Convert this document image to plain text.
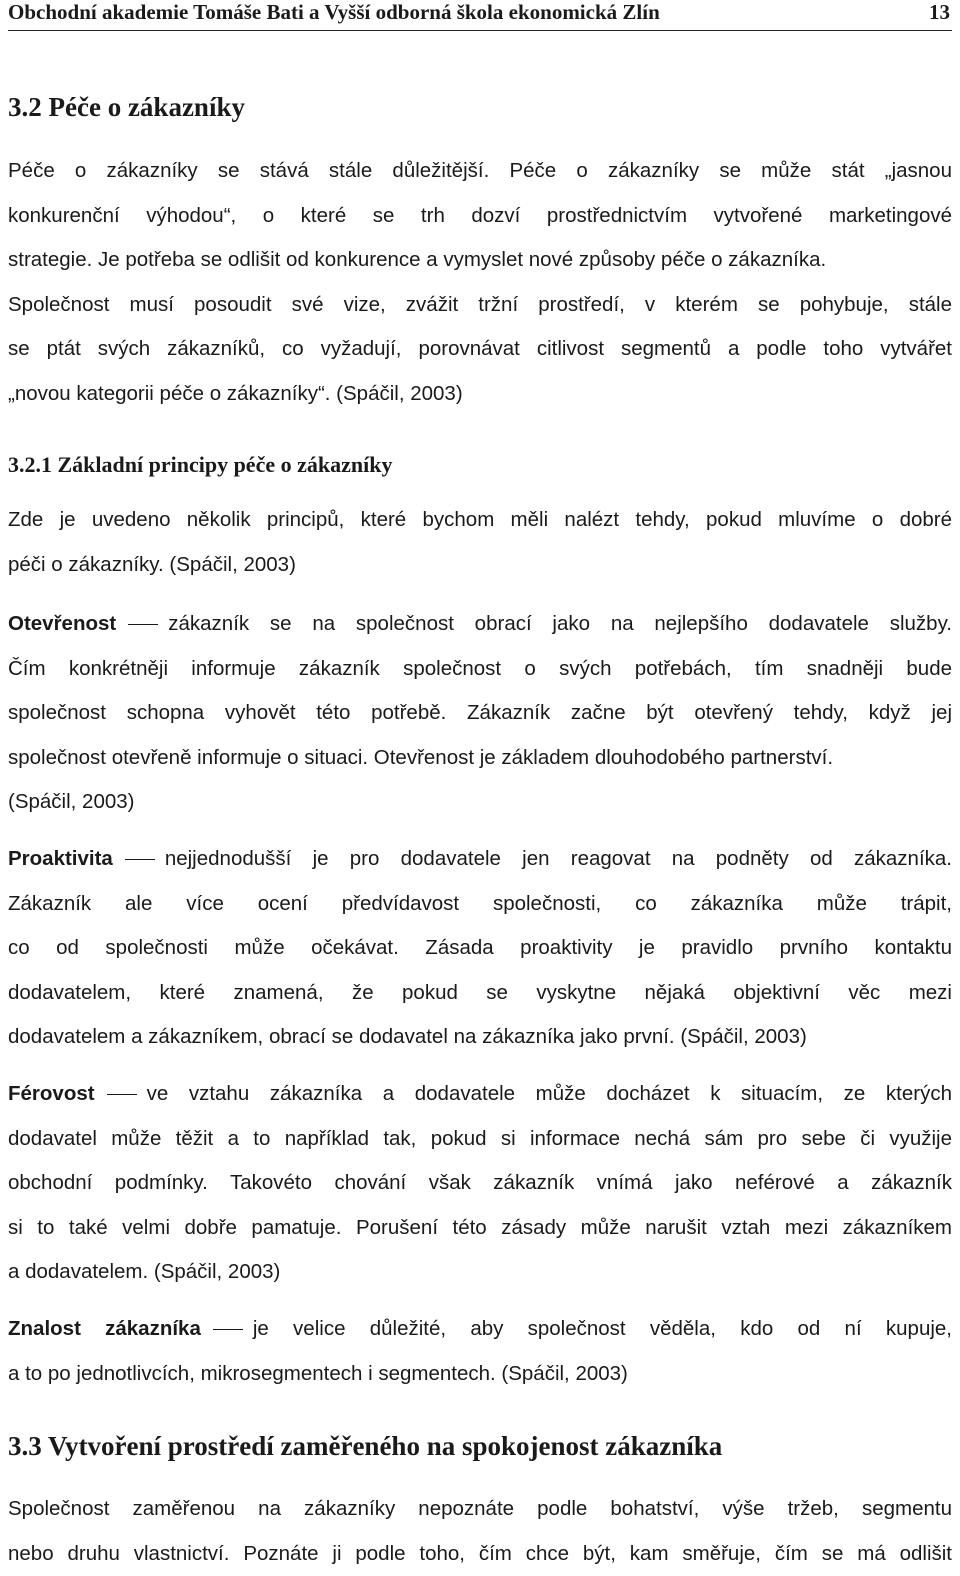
Obchodní akademie Tomáše Bati a Vyšší odborná škola ekonomická Zlín	13
3.2 Péče o zákazníky
Péče o zákazníky se stává stále důležitější. Péče o zákazníky se může stát „jasnou
konkurenční výhodou“, o které se trh dozví prostřednictvím vytvořené marketingové
strategie. Je potřeba se odlišit od konkurence a vymyslet nové způsoby péče o zákazníka.
Společnost musí posoudit své vize, zvážit tržní prostředí, v kterém se pohybuje, stále
se ptát svých zákazníků, co vyžadují, porovnávat citlivost segmentů a podle toho vytvářet
„novou kategorii péče o zákazníky“. (Spáčil, 2003)
3.2.1 Základní principy péče o zákazníky
Zde je uvedeno několik principů, které bychom měli nalézt tehdy, pokud mluvíme o dobré
péči o zákazníky. (Spáčil, 2003)
Otevřenost	zákazník se na společnost obrací jako na nejlepšího dodavatele služby.
Čím konkrétněji informuje zákazník společnost o svých potřebách, tím snadněji bude
společnost schopna vyhovět této potřebě. Zákazník začne být otevřený tehdy, když jej
společnost otevřeně informuje o situaci. Otevřenost je základem dlouhodobého partnerství.
(Spáčil, 2003)
Proaktivita	nejjednodušší je pro dodavatele jen reagovat na podněty od zákazníka.
Zákazník ale více ocení předvídavost společnosti, co zákazníka může trápit,
co od společnosti může očekávat. Zásada proaktivity je pravidlo prvního kontaktu
dodavatelem, které znamená, že pokud se vyskytne nějaká objektivní věc mezi
dodavatelem a zákazníkem, obrací se dodavatel na zákazníka jako první. (Spáčil, 2003)
Férovost	ve vztahu zákazníka a dodavatele může docházet k situacím, ze kterých
dodavatel může těžit a to například tak, pokud si informace nechá sám pro sebe či využije
obchodní podmínky. Takovéto chování však zákazník vnímá jako neférové a zákazník
si to také velmi dobře pamatuje. Porušení této zásady může narušit vztah mezi zákazníkem
a dodavatelem. (Spáčil, 2003)
Znalost zákazníka	je velice důležité, aby společnost věděla, kdo od ní kupuje,
a to po jednotlivcích, mikrosegmentech i segmentech. (Spáčil, 2003)
3.3 Vytvoření prostředí zaměřeného na spokojenost zákazníka
Společnost zaměřenou na zákazníky nepoznáte podle bohatství, výše tržeb, segmentu
nebo druhu vlastnictví. Poznáte ji podle toho, čím chce být, kam směřuje, čím se má odlišit
